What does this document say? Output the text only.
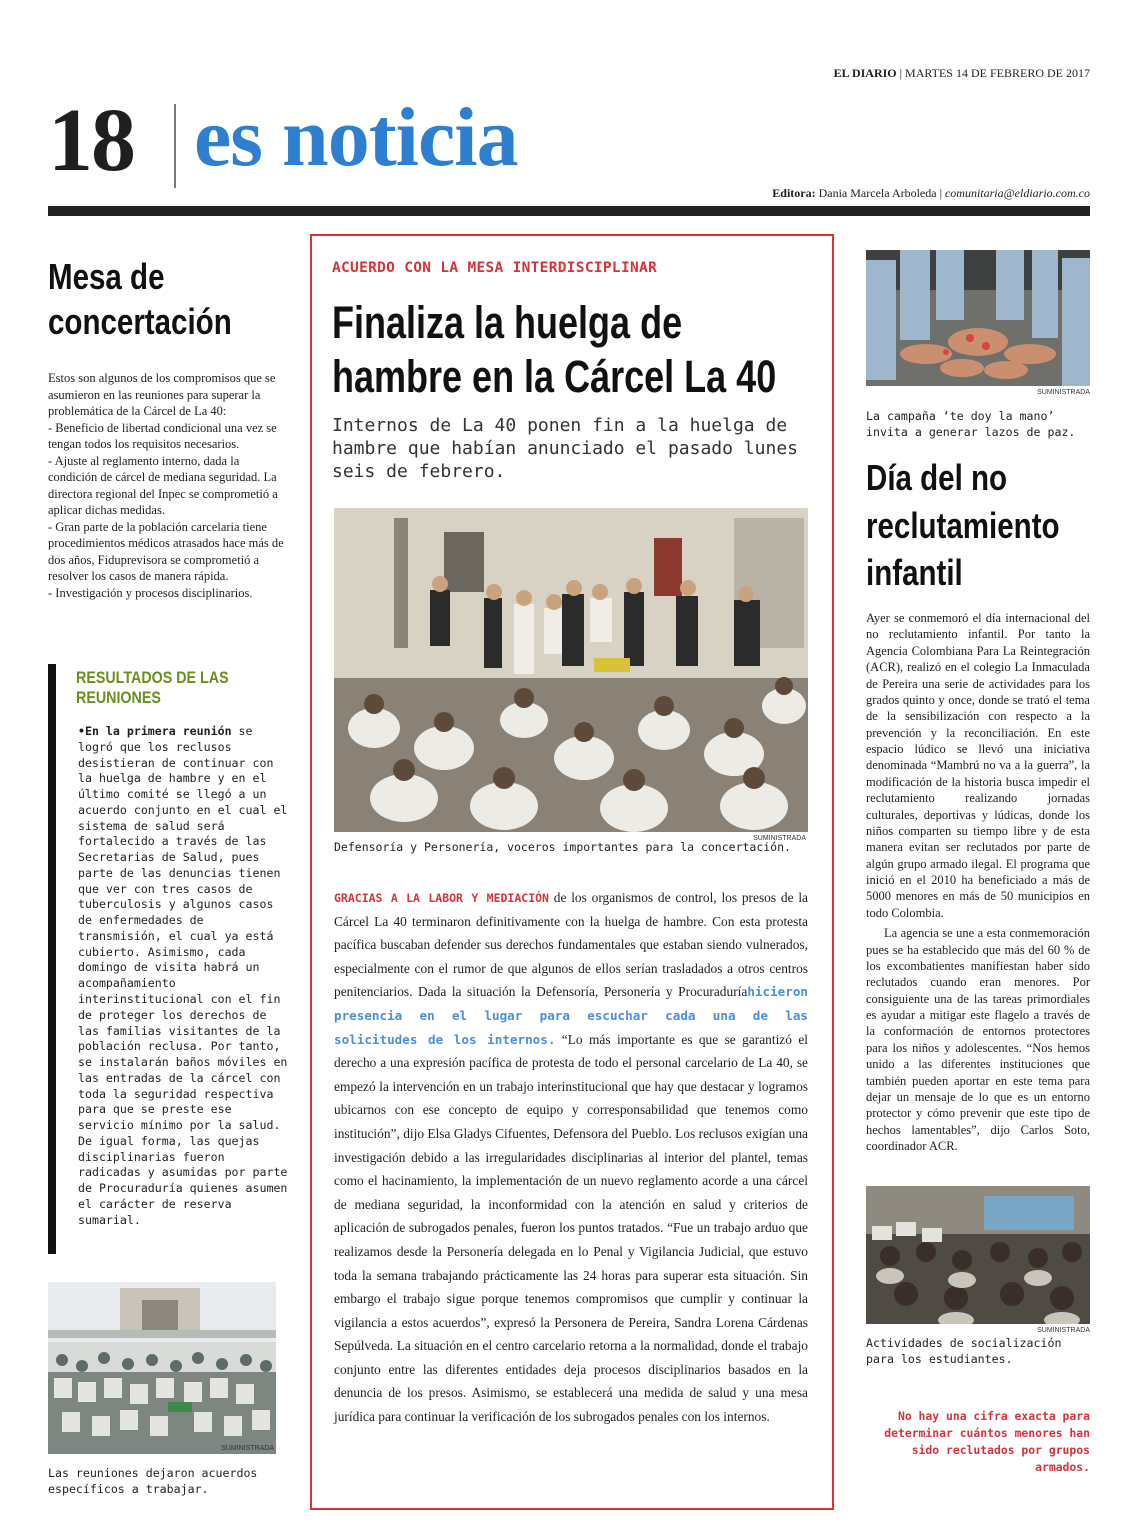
EL DIARIO | MARTES 14 DE FEBRERO DE 2017
18 es noticia
Editora: Dania Marcela Arboleda | comunitaria@eldiario.com.co
Mesa de
concertación

Estos son algunos de los compromisos que se asumieron en las reuniones para superar la problemática de la Cárcel de La 40:

- Beneficio de libertad condicional una vez se tengan todos los requisitos necesarios.

- Ajuste al reglamento interno, dada la condición de cárcel de mediana seguridad. La directora regional del Inpec se comprometió a aplicar dichas medidas.

- Gran parte de la población carcelaria tiene procedimientos médicos atrasados hace más de dos años, Fiduprevisora se comprometió a resolver los casos de manera rápida.

- Investigación y procesos disciplinarios.

RESULTADOS DE LAS
REUNIONES
•En la primera reunión se logró que los reclusos desistieran de continuar con la huelga de hambre y en el último comité se llegó a un acuerdo conjunto en el cual el sistema de salud será fortalecido a través de las Secretarias de Salud, pues parte de las denuncias tienen que ver con tres casos de tuberculosis y algunos casos de enfermedades de transmisión, el cual ya está cubierto. Asimismo, cada domingo de visita habrá un acompañamiento interinstitucional con el fin de proteger los derechos de las familias visitantes de la población reclusa. Por tanto, se instalarán baños móviles en las entradas de la cárcel con toda la seguridad respectiva para que se preste ese servicio mínimo por la salud. De igual forma, las quejas disciplinarias fueron radicadas y asumidas por parte de Procuraduría quienes asumen el carácter de reserva sumarial.
SUMINISTRADA
Las reuniones dejaron acuerdos específicos a trabajar.
ACUERDO CON LA MESA INTERDISCIPLINAR
Finaliza la huelga de
hambre en la Cárcel La 40
Internos de La 40 ponen fin a la huelga de hambre que habían anunciado el pasado lunes seis de febrero.
SUMINISTRADA
Defensoría y Personería, voceros importantes para la concertación.
GRACIAS A LA LABOR Y MEDIACIÓN de los organismos de control, los presos de la Cárcel La 40 terminaron definitivamente con la huelga de hambre. Con esta protesta pacífica buscaban defender sus derechos fundamentales que estaban siendo vulnerados, especialmente con el rumor de que algunos de ellos serían trasladados a otros centros penitenciarios. Dada la situación la Defensoría, Personería y Procuraduríahicieron presencia en el lugar para escuchar cada una de las solicitudes de los internos. “Lo más importante es que se garantizó el derecho a una expresión pacífica de protesta de todo el personal carcelario de La 40, se empezó la intervención en un trabajo interinstitucional que hay que destacar y logramos ubicarnos con ese concepto de equipo y corresponsabilidad que tenemos como institución”, dijo Elsa Gladys Cifuentes, Defensora del Pueblo. Los reclusos exigían una investigación debido a las irregularidades disciplinarias al interior del plantel, temas como el hacinamiento, la implementación de un nuevo reglamento acorde a una cárcel de mediana seguridad, la inconformidad con la atención en salud y criterios de aplicación de subrogados penales, fueron los puntos tratados. “Fue un trabajo arduo que realizamos desde la Personería delegada en lo Penal y Vigilancia Judicial, que estuvo toda la semana trabajando prácticamente las 24 horas para superar esta situación. Sin embargo el trabajo sigue porque tenemos compromisos que cumplir y continuar la vigilancia a estos acuerdos”, expresó la Personera de Pereira, Sandra Lorena Cárdenas Sepúlveda. La situación en el centro carcelario retorna a la normalidad, donde el trabajo conjunto entre las diferentes entidades deja procesos disciplinarios basados en la denuncia de los presos. Asimismo, se establecerá una medida de salud y una mesa jurídica para continuar la verificación de los subrogados penales con los internos.
SUMINISTRADA
La campaña ‘te doy la mano’ invita a generar lazos de paz.
Día del no
reclutamiento
infantil

Ayer se conmemoró el día internacional del no reclutamiento infantil. Por tanto la Agencia Colombiana Para La Reintegración (ACR), realizó en el colegio La Inmaculada de Pereira una serie de actividades para los grados quinto y once, donde se trató el tema de la sensibilización con respecto a la prevención y la reconciliación. En este espacio lúdico se llevó una iniciativa denominada “Mambrú no va a la guerra”, la modificación de la historia busca impedir el reclutamiento realizando jornadas culturales, deportivas y lúdicas, donde los niños comparten su tiempo libre y de esta manera evitan ser reclutados por parte de algún grupo armado ilegal. El programa que inició en el 2010 ha beneficiado a más de 5000 menores en más de 50 municipios en todo Colombia.

La agencia se une a esta conmemoración pues se ha establecido que más del 60 % de los excombatientes manifiestan haber sido reclutados cuando eran menores. Por consiguiente una de las tareas primordiales es ayudar a mitigar este flagelo a través de la conformación de entornos protectores para los niños y adolescentes. “Nos hemos unido a las diferentes instituciones que también pueden aportar en este tema para dejar un mensaje de lo que es un entorno protector y cómo prevenir que este tipo de hechos lamentables”, dijo Carlos Soto, coordinador ACR.

SUMINISTRADA
Actividades de socialización para los estudiantes.
No hay una cifra exacta para determinar cuántos menores han sido reclutados por grupos armados.
